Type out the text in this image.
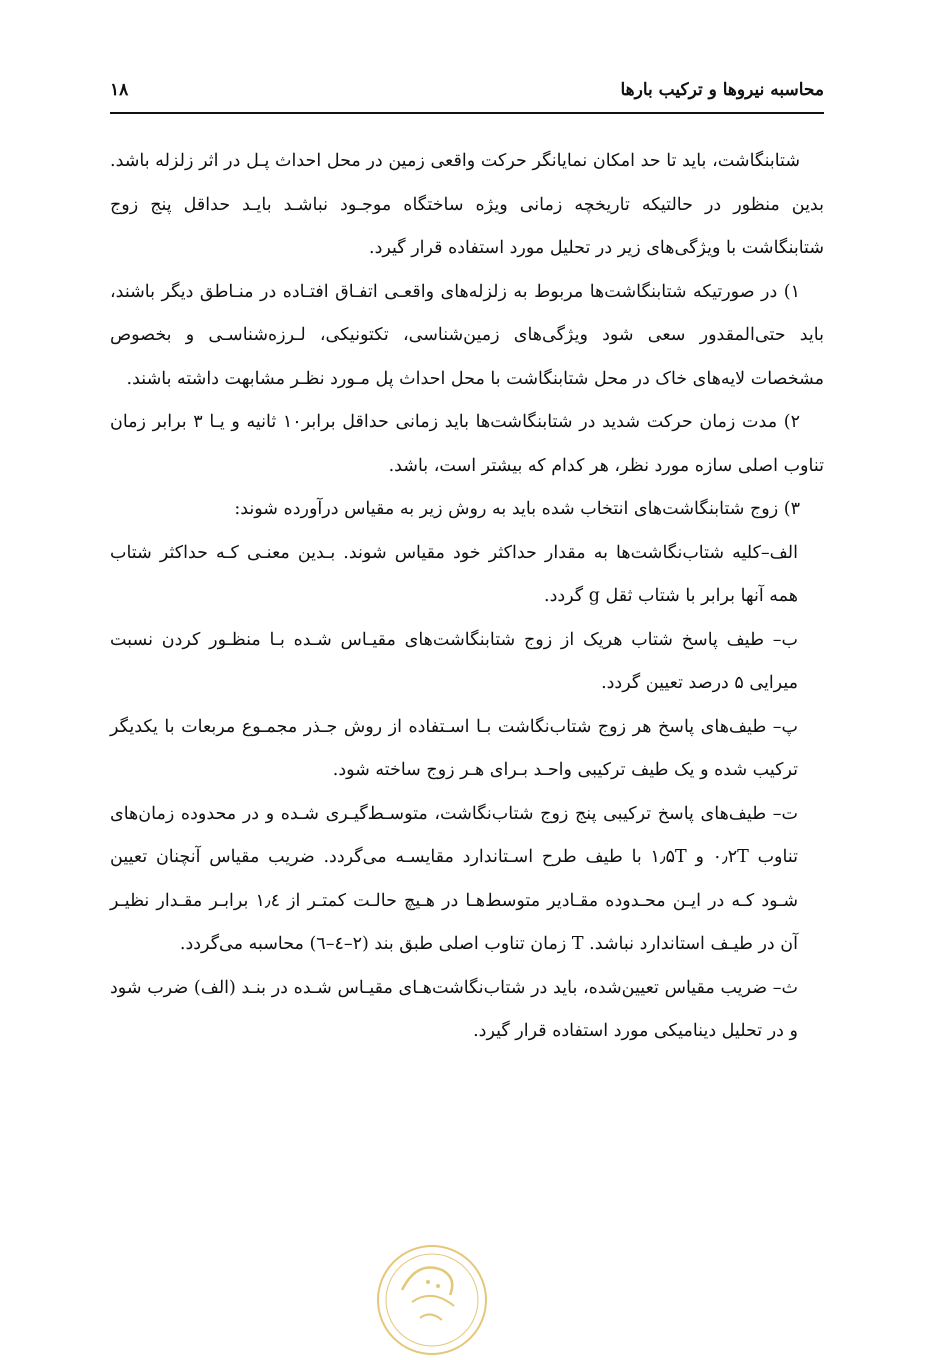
محاسبه نیروها و ترکیب بارها
۱۸

شتابنگاشت، باید تا حد امکان نمایانگر حرکت واقعی زمین در محل احداث پـل در اثر زلزله باشد. بدین منظور در حالتیکه تاریخچه زمانی ویژه ساختگاه موجـود نباشـد بایـد حداقل پنج زوج شتابنگاشت با ویژگی‌های زیر در تحلیل مورد استفاده قرار گیرد.

۱) در صورتیکه شتابنگاشت‌ها مربوط به زلزله‌های واقعـی اتفـاق افتـاده در منـاطق دیگر باشند، باید حتی‌المقدور سعی شود ویژگی‌های زمین‌شناسی، تکتونیکی، لـرزه‌شناسـی و بخصوص مشخصات لایه‌های خاک در محل شتابنگاشت با محل احداث پل مـورد نظـر مشابهت داشته باشند.

۲) مدت زمان حرکت شدید در شتابنگاشت‌ها باید زمانی حداقل برابر۱۰ ثانیه و یـا ۳ برابر زمان تناوب اصلی سازه مورد نظر، هر کدام که بیشتر است، باشد.

۳) زوج شتابنگاشت‌های انتخاب شده باید به روش زیر به مقیاس درآورده شوند:

الف–کلیه شتاب‌نگاشت‌ها به مقدار حداکثر خود مقیاس شوند. بـدین معنـی کـه حداکثر شتاب همه آنها برابر با شتاب ثقل g گردد.

ب– طیف پاسخ شتاب هریک از زوج شتابنگاشت‌های مقیـاس شـده بـا منظـور کردن نسبت میرایی ۵ درصد تعیین گردد.

پ– طیف‌های پاسخ هر زوج شتاب‌نگاشت بـا اسـتفاده از روش جـذر مجمـوع مربعات با یکدیگر ترکیب شده و یک طیف ترکیبی واحـد بـرای هـر زوج ساخته شود.

ت– طیف‌های پاسخ ترکیبی پنج زوج شتاب‌نگاشت، متوسـط‌گیـری شـده و در محدوده زمان‌های تناوب ۰٫۲T و ۱٫۵T با طیف طرح اسـتاندارد مقایسـه می‌گردد. ضریب مقیاس آنچنان تعیین شـود کـه در ایـن محـدوده مقـادیر متوسط‌هـا در هـیچ حالـت کمتـر از ۱٫٤ برابـر مقـدار نظیـر آن در طیـف استاندارد نباشد. T زمان تناوب اصلی طبق بند (۲–٤–٦) محاسبه می‌گردد.

ث– ضریب مقیاس تعیین‌شده، باید در شتاب‌نگاشت‌هـای مقیـاس شـده در بنـد (الف) ضرب شود و در تحلیل دینامیکی مورد استفاده قرار گیرد.
